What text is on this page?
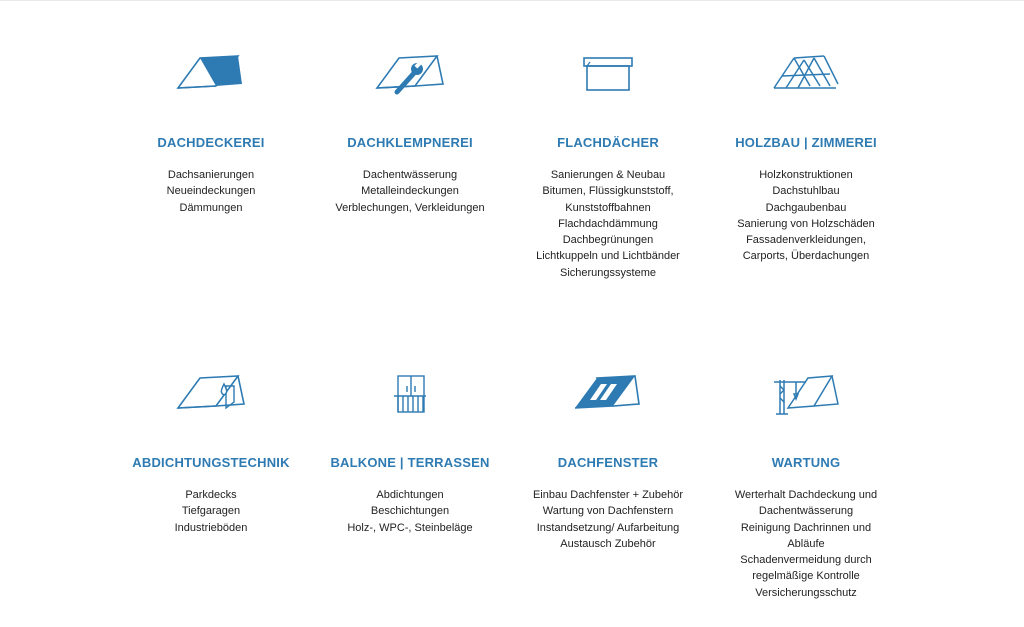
DACHDECKEREI
Dachsanierungen
Neueindeckungen
Dämmungen
DACHKLEMPNEREI
Dachentwässerung
Metalleindeckungen
Verblechungen, Verkleidungen
FLACHDÄCHER
Sanierungen & Neubau
Bitumen, Flüssigkunststoff,
Kunststoffbahnen
Flachdachdämmung
Dachbegrünungen
Lichtkuppeln und Lichtbänder
Sicherungssysteme
HOLZBAU | ZIMMEREI
Holzkonstruktionen
Dachstuhlbau
Dachgaubenbau
Sanierung von Holzschäden
Fassadenverkleidungen,
Carports, Überdachungen
ABDICHTUNGSTECHNIK
Parkdecks
Tiefgaragen
Industrieböden
BALKONE | TERRASSEN
Abdichtungen
Beschichtungen
Holz-, WPC-, Steinbeläge
DACHFENSTER
Einbau Dachfenster + Zubehör
Wartung von Dachfenstern
Instandsetzung/ Aufarbeitung
Austausch Zubehör
WARTUNG
Werterhalt Dachdeckung und
Dachentwässerung
Reinigung Dachrinnen und
Abläufe
Schadenvermeidung durch
regelmäßige Kontrolle
Versicherungsschutz
